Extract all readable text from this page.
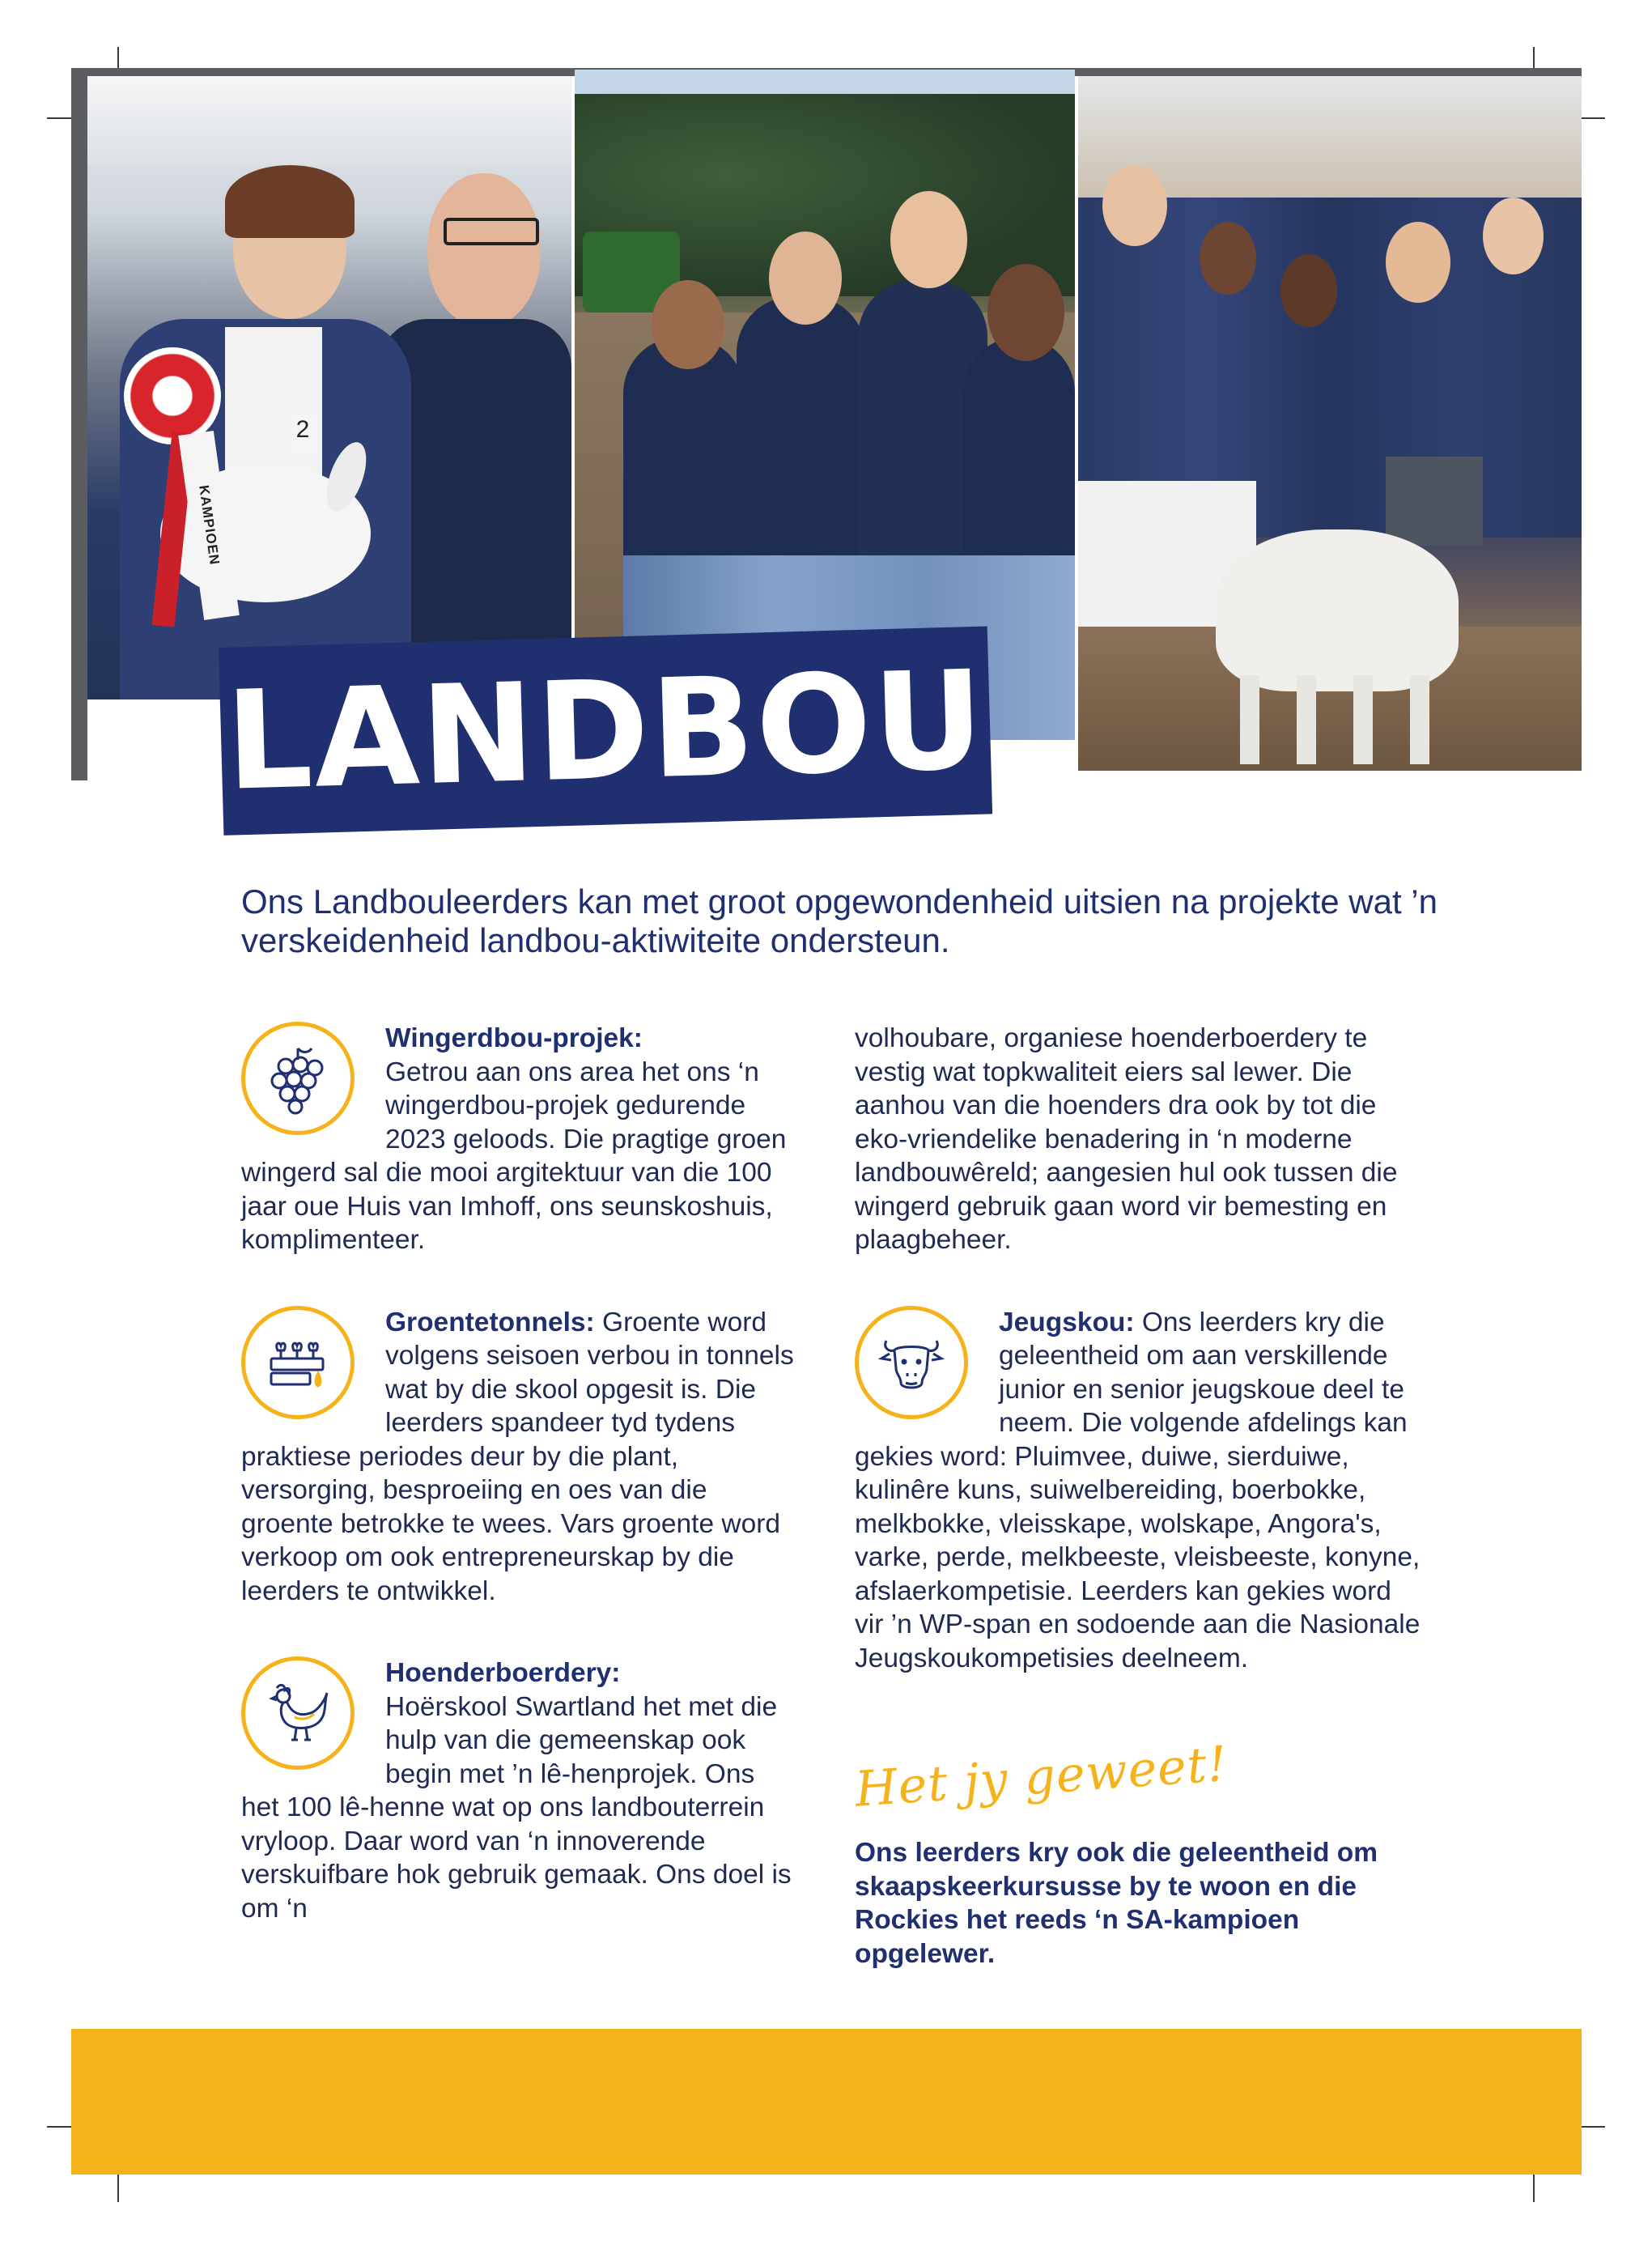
KAMPIOEN
2
LANDBOU

Ons Landbouleerders kan met groot opgewondenheid uitsien na projekte wat ’n verskeidenheid landbou-aktiwiteite ondersteun.

Wingerdbou-projek:
Getrou aan ons area het ons ‘n wingerdbou-projek gedurende 2023 geloods. Die pragtige groen wingerd sal die mooi argitektuur van die 100 jaar oue Huis van Imhoff, ons seunskoshuis, komplimenteer.

Groentetonnels: Groente word volgens seisoen verbou in tonnels wat by die skool opgesit is. Die leerders spandeer tyd tydens praktiese periodes deur by die plant, versorging, besproeiing en oes van die groente betrokke te wees. Vars groente word verkoop om ook entrepreneurskap by die leerders te ontwikkel.

Hoenderboerdery:
Hoërskool Swartland het met die hulp van die gemeenskap ook begin met ’n lê-henprojek. Ons het 100 lê-henne wat op ons landbouterrein vryloop. Daar word van ‘n innoverende verskuifbare hok gebruik gemaak. Ons doel is om ‘n

volhoubare, organiese hoenderboerdery te vestig wat topkwaliteit eiers sal lewer. Die aanhou van die hoenders dra ook by tot die eko-vriendelike benadering in ‘n moderne landbouwêreld; aangesien hul ook tussen die wingerd gebruik gaan word vir bemesting en plaagbeheer.

Jeugskou: Ons leerders kry die geleentheid om aan verskillende junior en senior jeugskoue deel te neem. Die volgende afdelings kan gekies word: Pluimvee, duiwe, sierduiwe, kulinêre kuns, suiwelbereiding, boerbokke, melkbokke, vleisskape, wolskape, Angora's, varke, perde, melkbeeste, vleisbeeste, konyne, afslaerkompetisie. Leerders kan gekies word vir ’n WP-span en sodoende aan die Nasionale Jeugskoukompetisies deelneem.

Het jy geweet!

Ons leerders kry ook die geleentheid om skaapskeerkursusse by te woon en die Rockies het reeds ‘n SA-kampioen opgelewer.
